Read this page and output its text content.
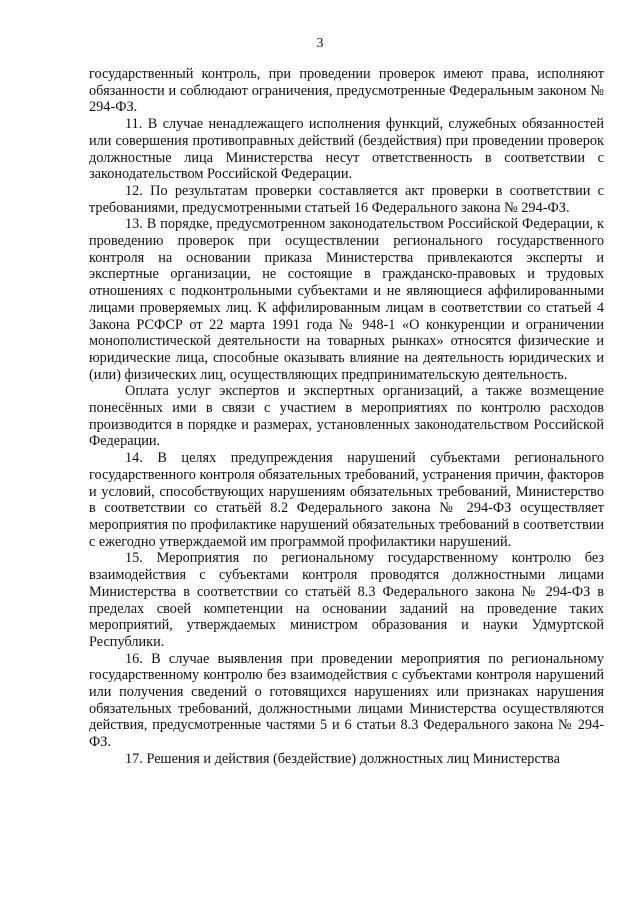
3

государственный контроль, при проведении проверок имеют права, исполняют обязанности и соблюдают ограничения, предусмотренные Федеральным законом № 294-ФЗ.

11. В случае ненадлежащего исполнения функций, служебных обязанностей или совершения противоправных действий (бездействия) при проведении проверок должностные лица Министерства несут ответственность в соответствии с законодательством Российской Федерации.

12. По результатам проверки составляется акт проверки в соответствии с требованиями, предусмотренными статьей 16 Федерального закона № 294-ФЗ.

13. В порядке, предусмотренном законодательством Российской Федерации, к проведению проверок при осуществлении регионального государственного контроля на основании приказа Министерства привлекаются эксперты и экспертные организации, не состоящие в гражданско-правовых и трудовых отношениях с подконтрольными субъектами и не являющиеся аффилированными лицами проверяемых лиц. К аффилированным лицам в соответствии со статьей 4 Закона РСФСР от 22 марта 1991 года № 948-1 «О конкуренции и ограничении монополистической деятельности на товарных рынках» относятся физические и юридические лица, способные оказывать влияние на деятельность юридических и (или) физических лиц, осуществляющих предпринимательскую деятельность.

Оплата услуг экспертов и экспертных организаций, а также возмещение понесённых ими в связи с участием в мероприятиях по контролю расходов производится в порядке и размерах, установленных законодательством Российской Федерации.

14. В целях предупреждения нарушений субъектами регионального государственного контроля обязательных требований, устранения причин, факторов и условий, способствующих нарушениям обязательных требований, Министерство в соответствии со статьёй 8.2 Федерального закона № 294-ФЗ осуществляет мероприятия по профилактике нарушений обязательных требований в соответствии с ежегодно утверждаемой им программой профилактики нарушений.

15. Мероприятия по региональному государственному контролю без взаимодействия с субъектами контроля проводятся должностными лицами Министерства в соответствии со статьёй 8.3 Федерального закона № 294-ФЗ в пределах своей компетенции на основании заданий на проведение таких мероприятий, утверждаемых министром образования и науки Удмуртской Республики.

16. В случае выявления при проведении мероприятия по региональному государственному контролю без взаимодействия с субъектами контроля нарушений или получения сведений о готовящихся нарушениях или признаках нарушения обязательных требований, должностными лицами Министерства осуществляются действия, предусмотренные частями 5 и 6 статьи 8.3 Федерального закона № 294-ФЗ.

17. Решения и действия (бездействие) должностных лиц Министерства
